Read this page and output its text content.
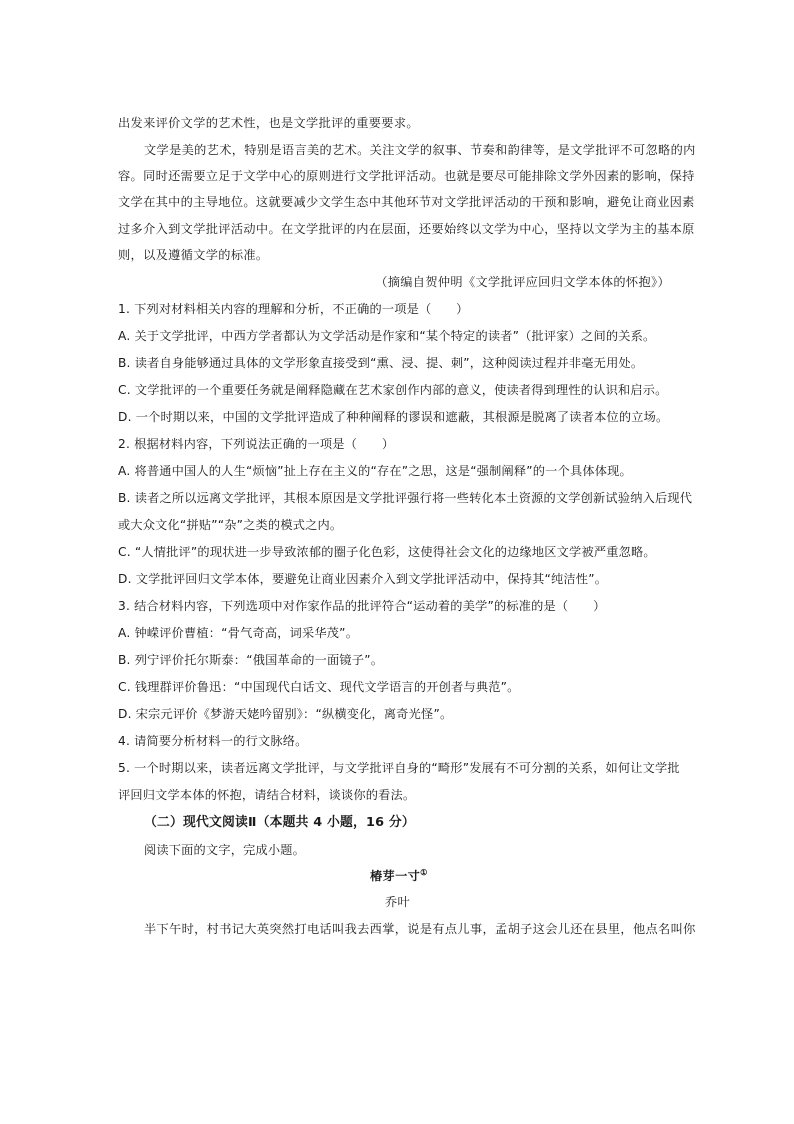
出发来评价文学的艺术性，也是文学批评的重要要求。
文学是美的艺术，特别是语言美的艺术。关注文学的叙事、节奏和韵律等，是文学批评不可忽略的内
容。同时还需要立足于文学中心的原则进行文学批评活动。也就是要尽可能排除文学外因素的影响，保持
文学在其中的主导地位。这就要减少文学生态中其他环节对文学批评活动的干预和影响，避免让商业因素
过多介入到文学批评活动中。在文学批评的内在层面，还要始终以文学为中心，坚持以文学为主的基本原
则，以及遵循文学的标准。
（摘编自贺仲明《文学批评应回归文学本体的怀抱》）
1. 下列对材料相关内容的理解和分析，不正确的一项是（　　）
A. 关于文学批评，中西方学者都认为文学活动是作家和“某个特定的读者”（批评家）之间的关系。
B. 读者自身能够通过具体的文学形象直接受到“熏、浸、提、刺”，这种阅读过程并非毫无用处。
C. 文学批评的一个重要任务就是阐释隐藏在艺术家创作内部的意义，使读者得到理性的认识和启示。
D. 一个时期以来，中国的文学批评造成了种种阐释的谬误和遮蔽，其根源是脱离了读者本位的立场。
2. 根据材料内容，下列说法正确的一项是（　　）
A. 将普通中国人的人生“烦恼”扯上存在主义的“存在”之思，这是“强制阐释”的一个具体体现。
B. 读者之所以远离文学批评，其根本原因是文学批评强行将一些转化本土资源的文学创新试验纳入后现代
或大众文化“拼贴”“杂”之类的模式之内。
C. “人情批评”的现状进一步导致浓郁的圈子化色彩，这使得社会文化的边缘地区文学被严重忽略。
D. 文学批评回归文学本体，要避免让商业因素介入到文学批评活动中，保持其“纯洁性”。
3. 结合材料内容，下列选项中对作家作品的批评符合“运动着的美学”的标准的是（　　）
A. 钟嵘评价曹植：“骨气奇高，词采华茂”。
B. 列宁评价托尔斯泰：“俄国革命的一面镜子”。
C. 钱理群评价鲁迅：“中国现代白话文、现代文学语言的开创者与典范”。
D. 宋宗元评价《梦游天姥吟留别》：“纵横变化，离奇光怪”。
4. 请简要分析材料一的行文脉络。
5. 一个时期以来，读者远离文学批评，与文学批评自身的“畸形”发展有不可分割的关系，如何让文学批
评回归文学本体的怀抱，请结合材料，谈谈你的看法。
（二）现代文阅读Ⅱ（本题共 4 小题，16 分）
阅读下面的文字，完成小题。
椿芽一寸①
乔叶
半下午时，村书记大英突然打电话叫我去西掌，说是有点儿事，孟胡子这会儿还在县里，他点名叫你
